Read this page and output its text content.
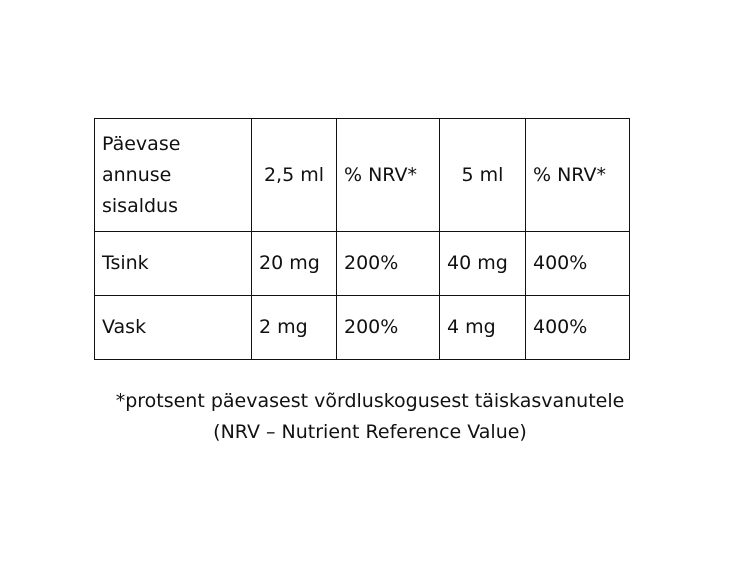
Päevase
annuse
sisaldus	2,5 ml	% NRV*	5 ml	% NRV*
Tsink	20 mg	200%	40 mg	400%
Vask	2 mg	200%	4 mg	400%
*protsent päevasest võrdluskogusest täiskasvanutele
(NRV – Nutrient Reference Value)
